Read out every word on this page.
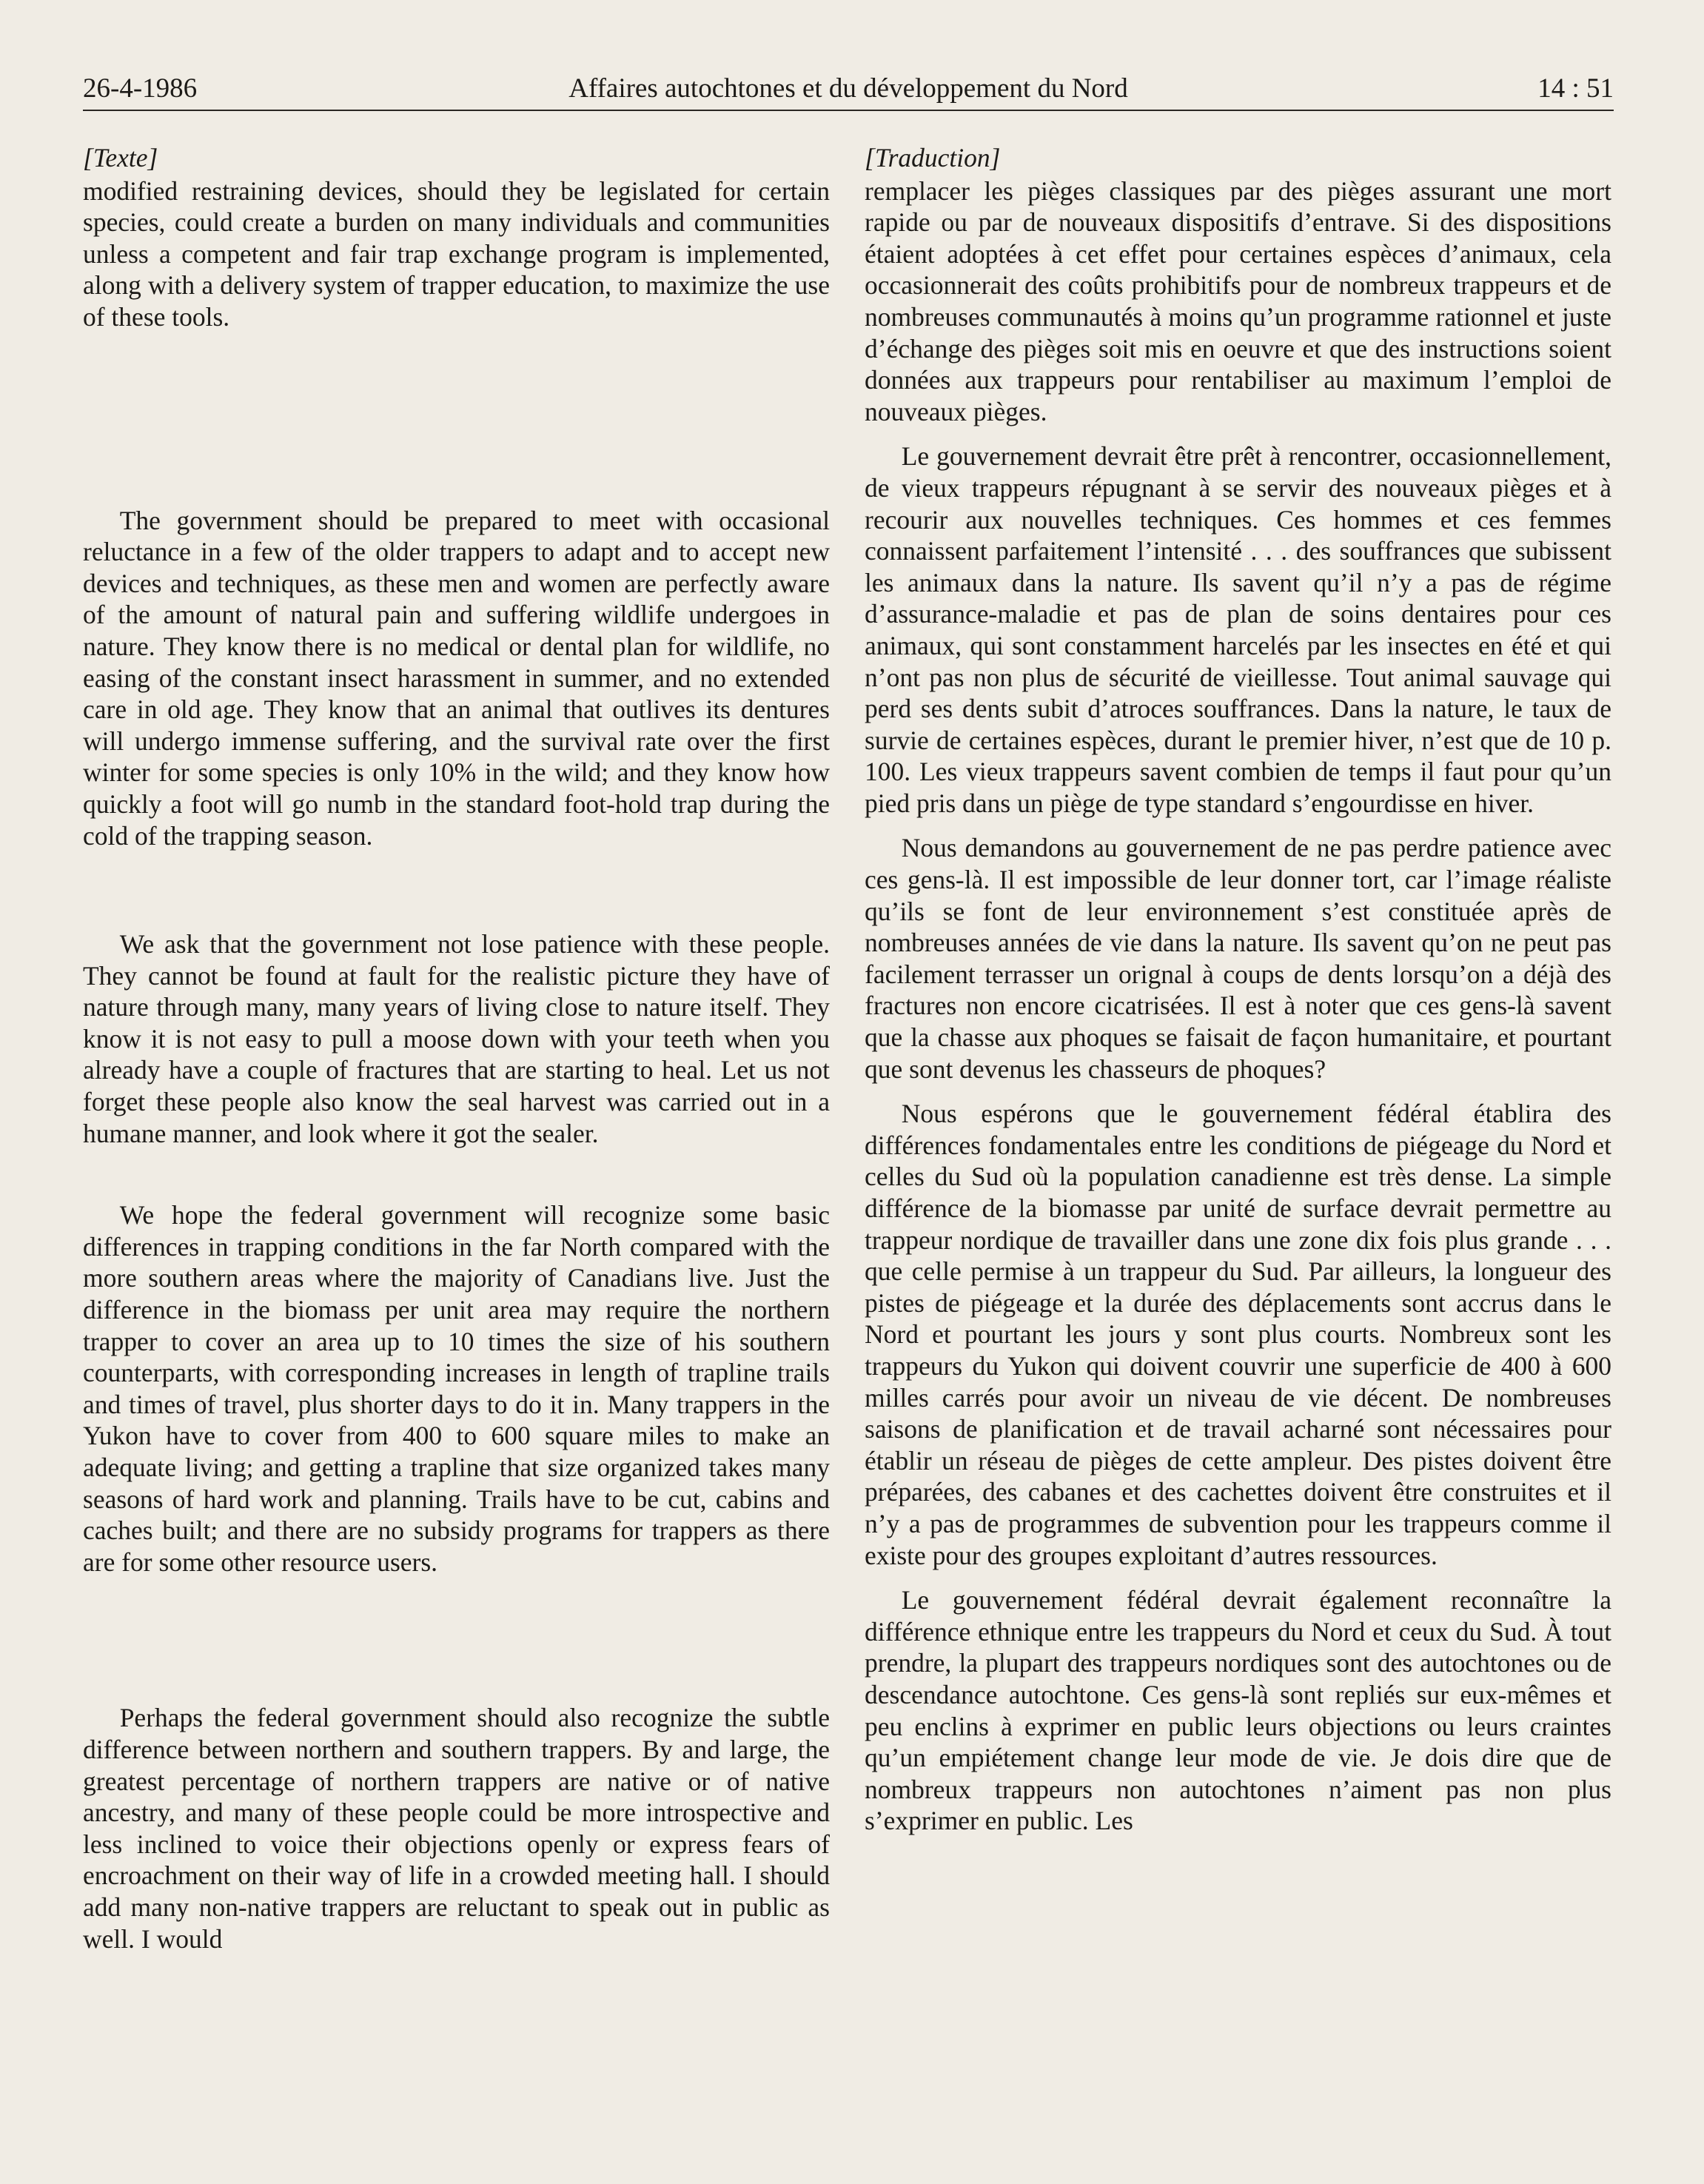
26-4-1986	Affaires autochtones et du développement du Nord	14 : 51
[Texte]

modified restraining devices, should they be legislated for certain species, could create a burden on many individuals and communities unless a competent and fair trap exchange program is implemented, along with a delivery system of trapper education, to maximize the use of these tools.

The government should be prepared to meet with occasional reluctance in a few of the older trappers to adapt and to accept new devices and techniques, as these men and women are perfectly aware of the amount of natural pain and suffering wildlife undergoes in nature. They know there is no medical or dental plan for wildlife, no easing of the constant insect harassment in summer, and no extended care in old age. They know that an animal that outlives its dentures will undergo immense suffering, and the survival rate over the first winter for some species is only 10% in the wild; and they know how quickly a foot will go numb in the standard foot-hold trap during the cold of the trapping season.

We ask that the government not lose patience with these people. They cannot be found at fault for the realistic picture they have of nature through many, many years of living close to nature itself. They know it is not easy to pull a moose down with your teeth when you already have a couple of fractures that are starting to heal. Let us not forget these people also know the seal harvest was carried out in a humane manner, and look where it got the sealer.

We hope the federal government will recognize some basic differences in trapping conditions in the far North compared with the more southern areas where the majority of Canadians live. Just the difference in the biomass per unit area may require the northern trapper to cover an area up to 10 times the size of his southern counterparts, with corresponding increases in length of trapline trails and times of travel, plus shorter days to do it in. Many trappers in the Yukon have to cover from 400 to 600 square miles to make an adequate living; and getting a trapline that size organized takes many seasons of hard work and planning. Trails have to be cut, cabins and caches built; and there are no subsidy programs for trappers as there are for some other resource users.

Perhaps the federal government should also recognize the subtle difference between northern and southern trappers. By and large, the greatest percentage of northern trappers are native or of native ancestry, and many of these people could be more introspective and less inclined to voice their objections openly or express fears of encroachment on their way of life in a crowded meeting hall. I should add many non-native trappers are reluctant to speak out in public as well. I would

[Traduction]

remplacer les pièges classiques par des pièges assurant une mort rapide ou par de nouveaux dispositifs d’entrave. Si des dispositions étaient adoptées à cet effet pour certaines espèces d’animaux, cela occasionnerait des coûts prohibitifs pour de nombreux trappeurs et de nombreuses communautés à moins qu’un programme rationnel et juste d’échange des pièges soit mis en oeuvre et que des instructions soient données aux trappeurs pour rentabiliser au maximum l’emploi de nouveaux pièges.

Le gouvernement devrait être prêt à rencontrer, occasionnellement, de vieux trappeurs répugnant à se servir des nouveaux pièges et à recourir aux nouvelles techniques. Ces hommes et ces femmes connaissent parfaitement l’intensité . . . des souffrances que subissent les animaux dans la nature. Ils savent qu’il n’y a pas de régime d’assurance-maladie et pas de plan de soins dentaires pour ces animaux, qui sont constamment harcelés par les insectes en été et qui n’ont pas non plus de sécurité de vieillesse. Tout animal sauvage qui perd ses dents subit d’atroces souffrances. Dans la nature, le taux de survie de certaines espèces, durant le premier hiver, n’est que de 10 p. 100. Les vieux trappeurs savent combien de temps il faut pour qu’un pied pris dans un piège de type standard s’engourdisse en hiver.

Nous demandons au gouvernement de ne pas perdre patience avec ces gens-là. Il est impossible de leur donner tort, car l’image réaliste qu’ils se font de leur environnement s’est constituée après de nombreuses années de vie dans la nature. Ils savent qu’on ne peut pas facilement terrasser un orignal à coups de dents lorsqu’on a déjà des fractures non encore cicatrisées. Il est à noter que ces gens-là savent que la chasse aux phoques se faisait de façon humanitaire, et pourtant que sont devenus les chasseurs de phoques?

Nous espérons que le gouvernement fédéral établira des différences fondamentales entre les conditions de piégeage du Nord et celles du Sud où la population canadienne est très dense. La simple différence de la biomasse par unité de surface devrait permettre au trappeur nordique de travailler dans une zone dix fois plus grande . . . que celle permise à un trappeur du Sud. Par ailleurs, la longueur des pistes de piégeage et la durée des déplacements sont accrus dans le Nord et pourtant les jours y sont plus courts. Nombreux sont les trappeurs du Yukon qui doivent couvrir une superficie de 400 à 600 milles carrés pour avoir un niveau de vie décent. De nombreuses saisons de planification et de travail acharné sont nécessaires pour établir un réseau de pièges de cette ampleur. Des pistes doivent être préparées, des cabanes et des cachettes doivent être construites et il n’y a pas de programmes de subvention pour les trappeurs comme il existe pour des groupes exploitant d’autres ressources.

Le gouvernement fédéral devrait également reconnaître la différence ethnique entre les trappeurs du Nord et ceux du Sud. À tout prendre, la plupart des trappeurs nordiques sont des autochtones ou de descendance autochtone. Ces gens-là sont repliés sur eux-mêmes et peu enclins à exprimer en public leurs objections ou leurs craintes qu’un empiétement change leur mode de vie. Je dois dire que de nombreux trappeurs non autochtones n’aiment pas non plus s’exprimer en public. Les
